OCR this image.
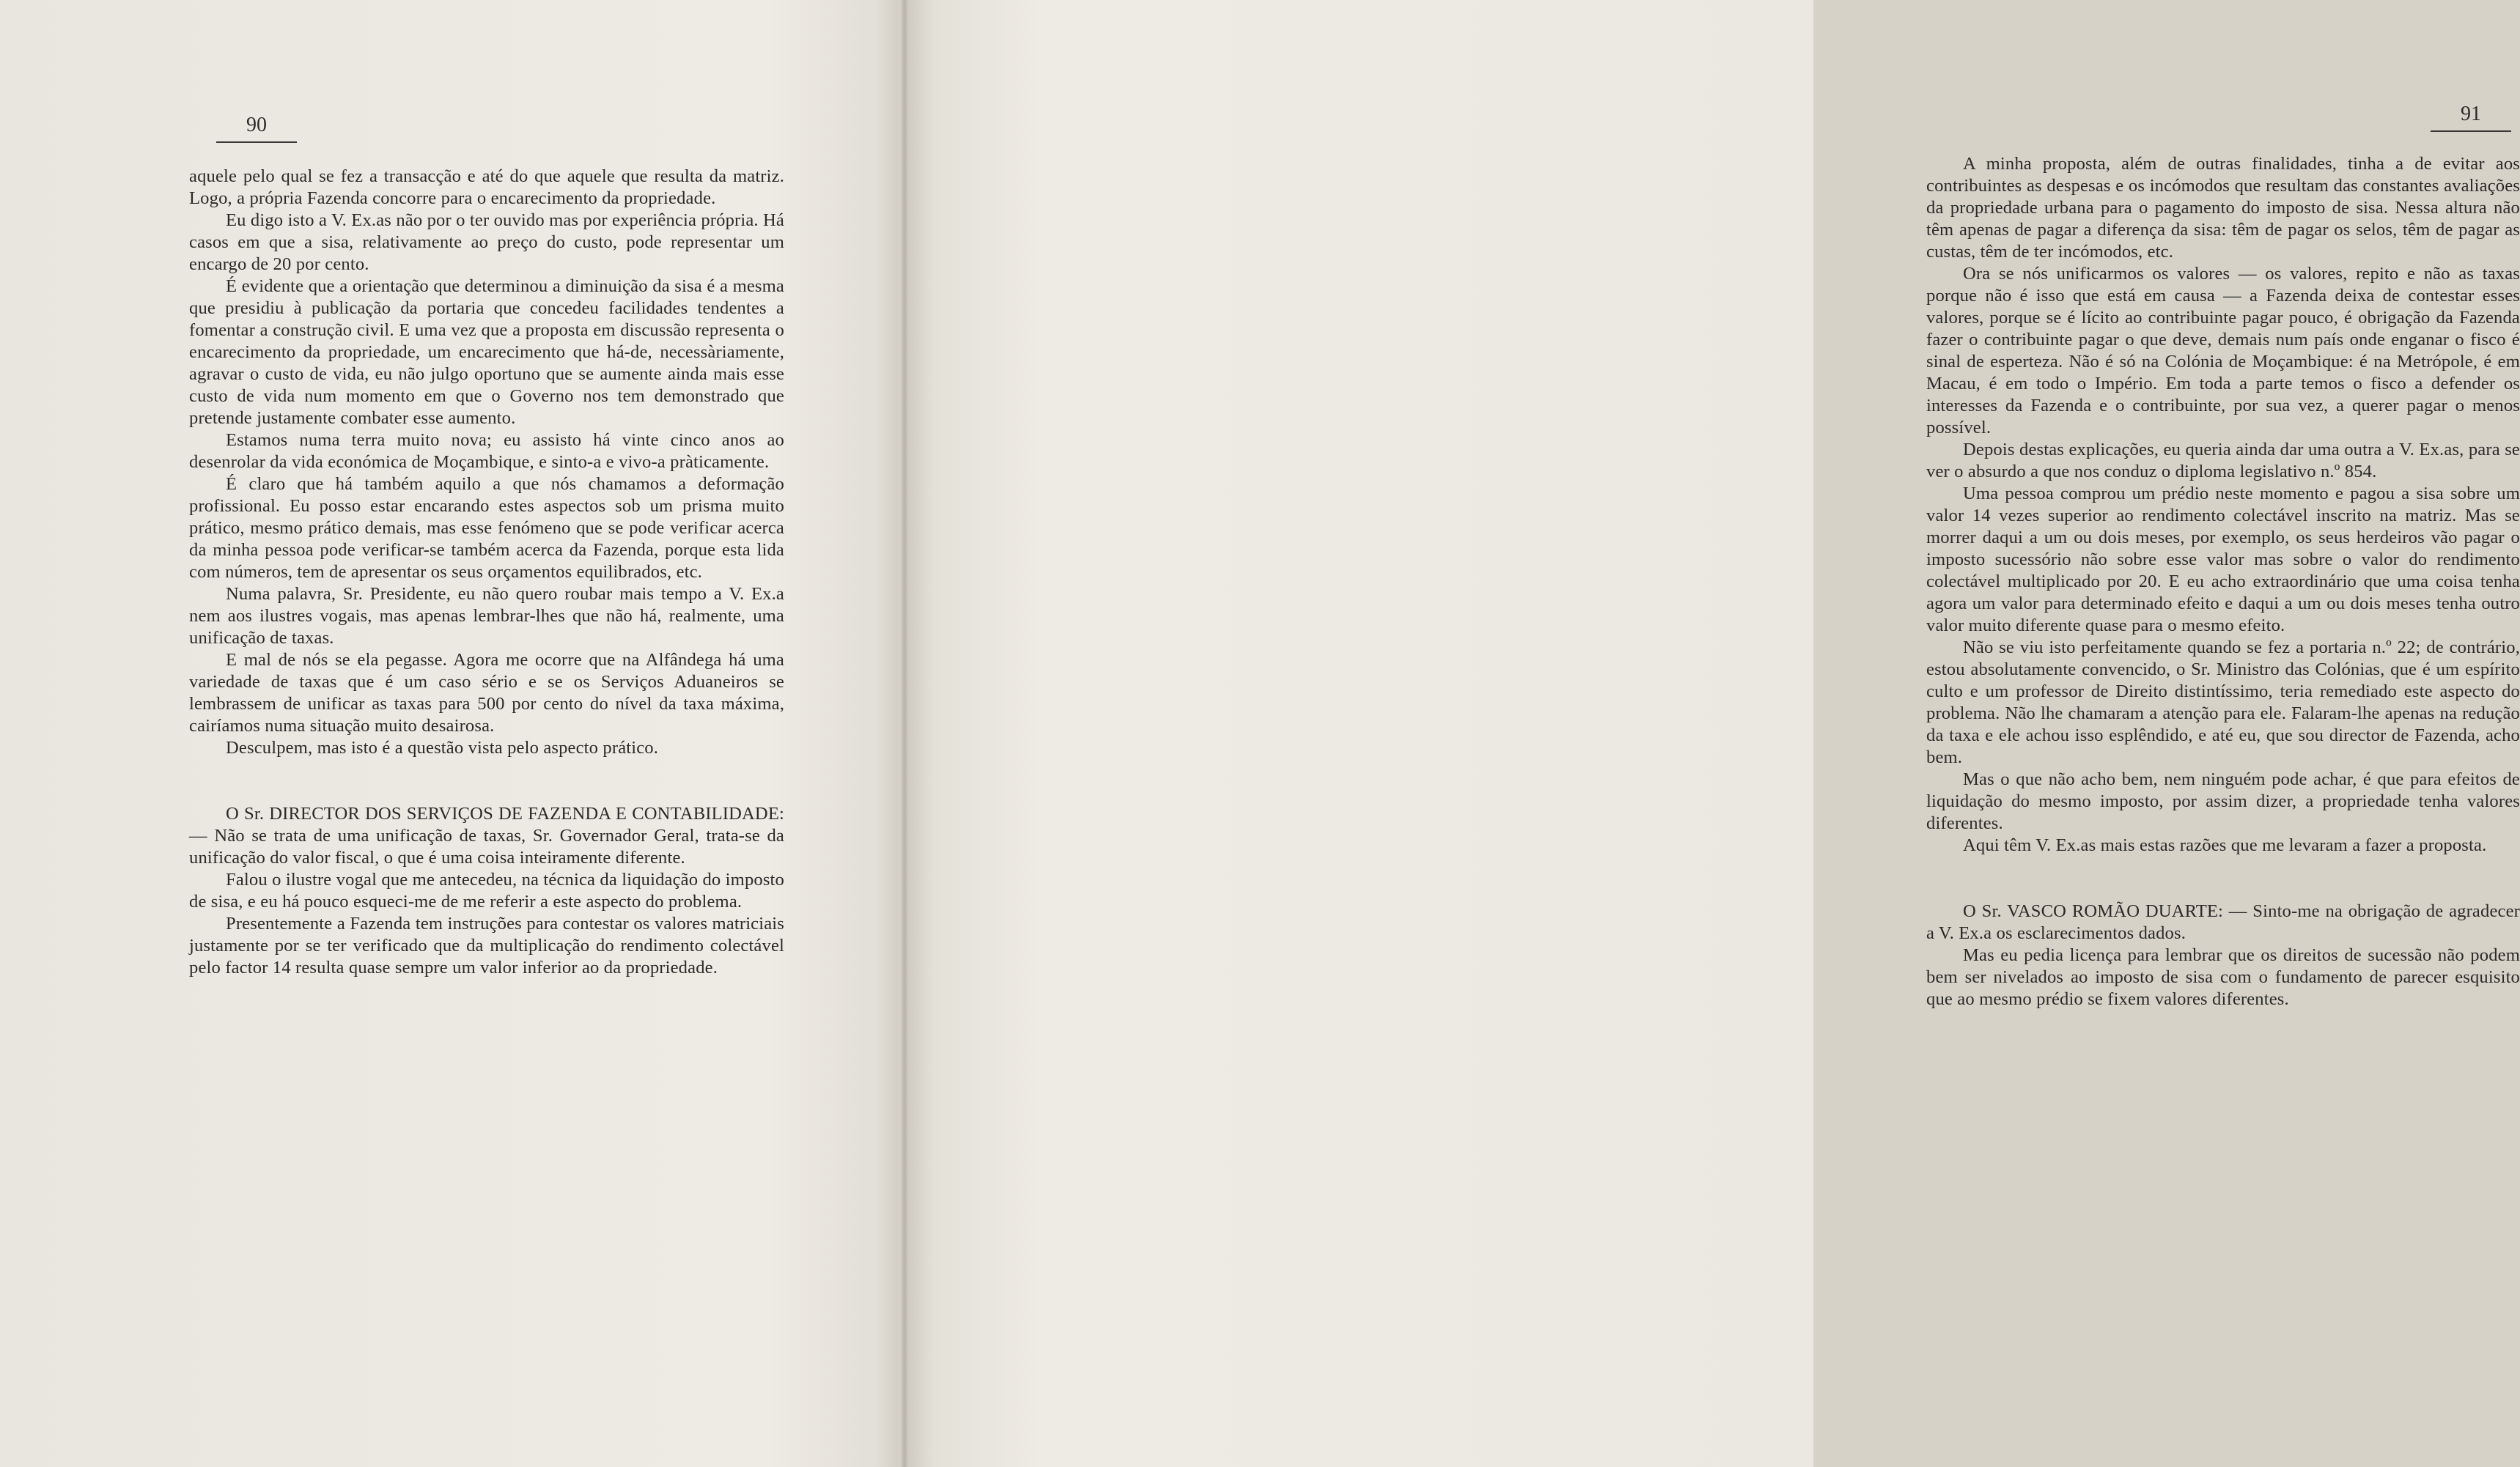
90

aquele pelo qual se fez a transacção e até do que aquele que resulta da matriz. Logo, a própria Fazenda concorre para o encarecimento da propriedade.

Eu digo isto a V. Ex.as não por o ter ouvido mas por experiência própria. Há casos em que a sisa, relativamente ao preço do custo, pode representar um encargo de 20 por cento.

É evidente que a orientação que determinou a diminuição da sisa é a mesma que presidiu à publicação da portaria que concedeu facilidades tendentes a fomentar a construção civil. E uma vez que a proposta em discussão representa o encarecimento da propriedade, um encarecimento que há-de, necessàriamente, agravar o custo de vida, eu não julgo oportuno que se aumente ainda mais esse custo de vida num momento em que o Governo nos tem demonstrado que pretende justamente combater esse aumento.

Estamos numa terra muito nova; eu assisto há vinte cinco anos ao desenrolar da vida económica de Moçambique, e sinto-a e vivo-a pràticamente.

É claro que há também aquilo a que nós chamamos a deformação profissional. Eu posso estar encarando estes aspectos sob um prisma muito prático, mesmo prático demais, mas esse fenómeno que se pode verificar acerca da minha pessoa pode verificar-se também acerca da Fazenda, porque esta lida com números, tem de apresentar os seus orçamentos equilibrados, etc.

Numa palavra, Sr. Presidente, eu não quero roubar mais tempo a V. Ex.a nem aos ilustres vogais, mas apenas lembrar-lhes que não há, realmente, uma unificação de taxas.

E mal de nós se ela pegasse. Agora me ocorre que na Alfândega há uma variedade de taxas que é um caso sério e se os Serviços Aduaneiros se lembrassem de unificar as taxas para 500 por cento do nível da taxa máxima, cairíamos numa situação muito desairosa.

Desculpem, mas isto é a questão vista pelo aspecto prático.

O Sr. DIRECTOR DOS SERVIÇOS DE FAZENDA E CONTABILIDADE: — Não se trata de uma unificação de taxas, Sr. Governador Geral, trata-se da unificação do valor fiscal, o que é uma coisa inteiramente diferente.

Falou o ilustre vogal que me antecedeu, na técnica da liquidação do imposto de sisa, e eu há pouco esqueci-me de me referir a este aspecto do problema.

Presentemente a Fazenda tem instruções para contestar os valores matriciais justamente por se ter verificado que da multiplicação do rendimento colectável pelo factor 14 resulta quase sempre um valor inferior ao da propriedade.

91

A minha proposta, além de outras finalidades, tinha a de evitar aos contribuintes as despesas e os incómodos que resultam das constantes avaliações da propriedade urbana para o pagamento do imposto de sisa. Nessa altura não têm apenas de pagar a diferença da sisa: têm de pagar os selos, têm de pagar as custas, têm de ter incómodos, etc.

Ora se nós unificarmos os valores — os valores, repito e não as taxas porque não é isso que está em causa — a Fazenda deixa de contestar esses valores, porque se é lícito ao contribuinte pagar pouco, é obrigação da Fazenda fazer o contribuinte pagar o que deve, demais num país onde enganar o fisco é sinal de esperteza. Não é só na Colónia de Moçambique: é na Metrópole, é em Macau, é em todo o Império. Em toda a parte temos o fisco a defender os interesses da Fazenda e o contribuinte, por sua vez, a querer pagar o menos possível.

Depois destas explicações, eu queria ainda dar uma outra a V. Ex.as, para se ver o absurdo a que nos conduz o diploma legislativo n.º 854.

Uma pessoa comprou um prédio neste momento e pagou a sisa sobre um valor 14 vezes superior ao rendimento colectável inscrito na matriz. Mas se morrer daqui a um ou dois meses, por exemplo, os seus herdeiros vão pagar o imposto sucessório não sobre esse valor mas sobre o valor do rendimento colectável multiplicado por 20. E eu acho extraordinário que uma coisa tenha agora um valor para determinado efeito e daqui a um ou dois meses tenha outro valor muito diferente quase para o mesmo efeito.

Não se viu isto perfeitamente quando se fez a portaria n.º 22; de contrário, estou absolutamente convencido, o Sr. Ministro das Colónias, que é um espírito culto e um professor de Direito distintíssimo, teria remediado este aspecto do problema. Não lhe chamaram a atenção para ele. Falaram-lhe apenas na redução da taxa e ele achou isso esplêndido, e até eu, que sou director de Fazenda, acho bem.

Mas o que não acho bem, nem ninguém pode achar, é que para efeitos de liquidação do mesmo imposto, por assim dizer, a propriedade tenha valores diferentes.

Aqui têm V. Ex.as mais estas razões que me levaram a fazer a proposta.

O Sr. VASCO ROMÃO DUARTE: — Sinto-me na obrigação de agradecer a V. Ex.a os esclarecimentos dados.

Mas eu pedia licença para lembrar que os direitos de sucessão não podem bem ser nivelados ao imposto de sisa com o fundamento de parecer esquisito que ao mesmo prédio se fixem valores diferentes.
